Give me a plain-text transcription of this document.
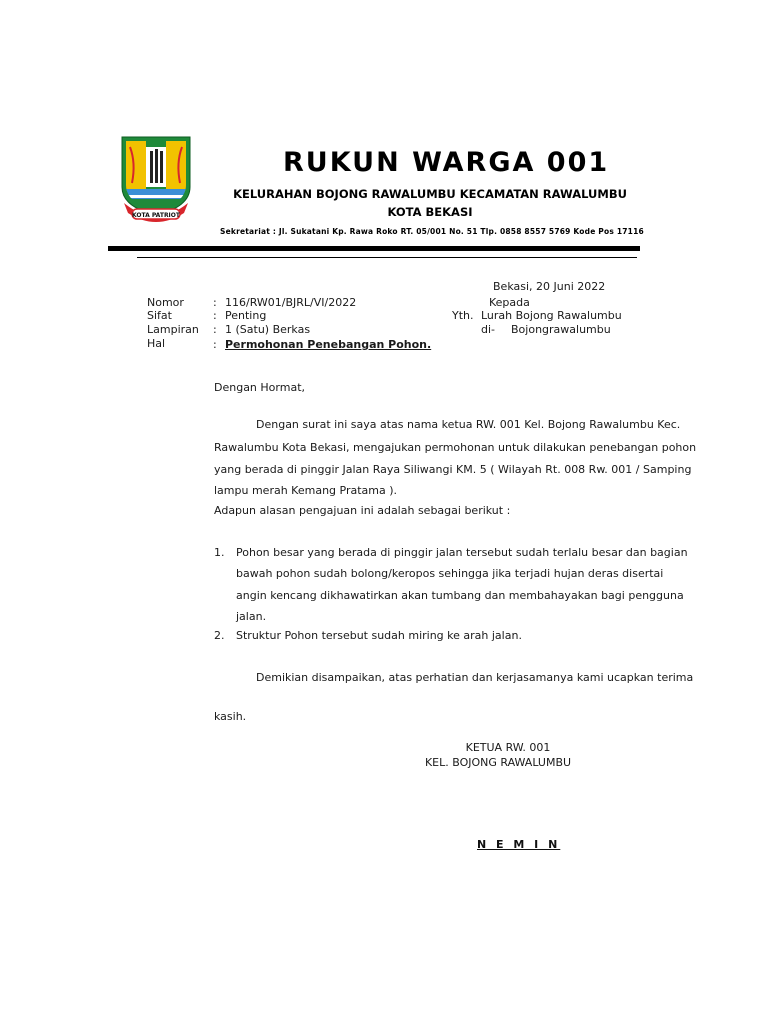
KOTA PATRIOT
RUKUN WARGA 001
KELURAHAN BOJONG RAWALUMBU KECAMATAN RAWALUMBU
KOTA BEKASI
Sekretariat : Jl. Sukatani Kp. Rawa Roko RT. 05/001 No. 51 Tlp. 0858 8557 5769 Kode Pos 17116
Bekasi, 20 Juni 2022
Kepada
Yth. Lurah Bojong Rawalumbu
di- Bojongrawalumbu
Nomor	: 116/RW01/BJRL/VI/2022
Sifat	: Penting
Lampiran : 1 (Satu) Berkas
Hal	: Permohonan Penebangan Pohon.
Dengan Hormat,
Dengan surat ini saya atas nama ketua RW. 001 Kel. Bojong Rawalumbu Kec.
Rawalumbu Kota Bekasi, mengajukan permohonan untuk dilakukan penebangan pohon
yang berada di pinggir Jalan Raya Siliwangi KM. 5 ( Wilayah Rt. 008 Rw. 001 / Samping
lampu merah Kemang Pratama ).
Adapun alasan pengajuan ini adalah sebagai berikut :
1. Pohon besar yang berada di pinggir jalan tersebut sudah terlalu besar dan bagian
bawah pohon sudah bolong/keropos sehingga jika terjadi hujan deras disertai
angin kencang dikhawatirkan akan tumbang dan membahayakan bagi pengguna
jalan.
2. Struktur Pohon tersebut sudah miring ke arah jalan.
Demikian disampaikan, atas perhatian dan kerjasamanya kami ucapkan terima
kasih.
KETUA RW. 001
KEL. BOJONG RAWALUMBU
N E M I N
